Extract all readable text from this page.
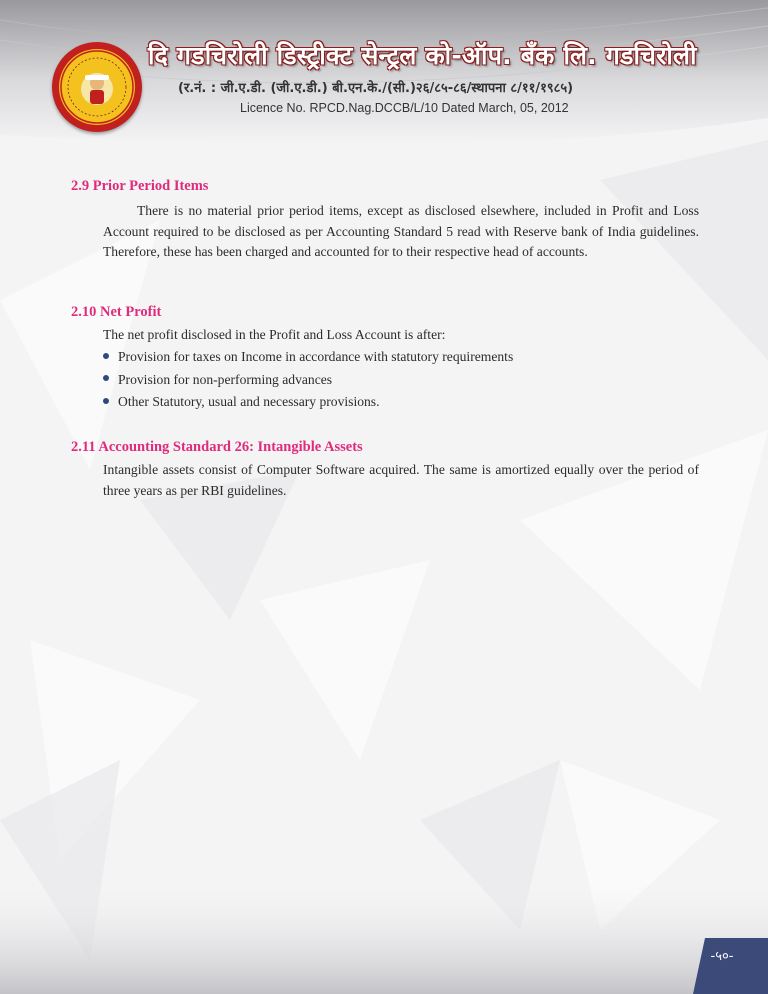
दि गडचिरोली डिस्ट्रीक्ट सेन्ट्रल को-ऑप. बँक लि. गडचिरोली
(र.नं. : जी.ए.डी. (जी.ए.डी.) बी.एन.के./(सी.)२६/८५-८६/स्थापना ८/११/१९८५)
Licence No. RPCD.Nag.DCCB/L/10 Dated March, 05, 2012
2.9 Prior Period Items
There is no material prior period items, except as disclosed elsewhere, included in Profit and Loss Account required to be disclosed as per Accounting Standard 5 read with Reserve bank of India guidelines. Therefore, these has been charged and accounted for to their respective head of accounts.
2.10 Net Profit
The net profit disclosed in the Profit and Loss Account is after:
Provision for taxes on Income in accordance with statutory requirements
Provision for non-performing advances
Other Statutory, usual and necessary provisions.
2.11 Accounting Standard 26: Intangible Assets
Intangible assets consist of Computer Software acquired. The same is amortized equally over the period of three years as per RBI guidelines.
-५०-
